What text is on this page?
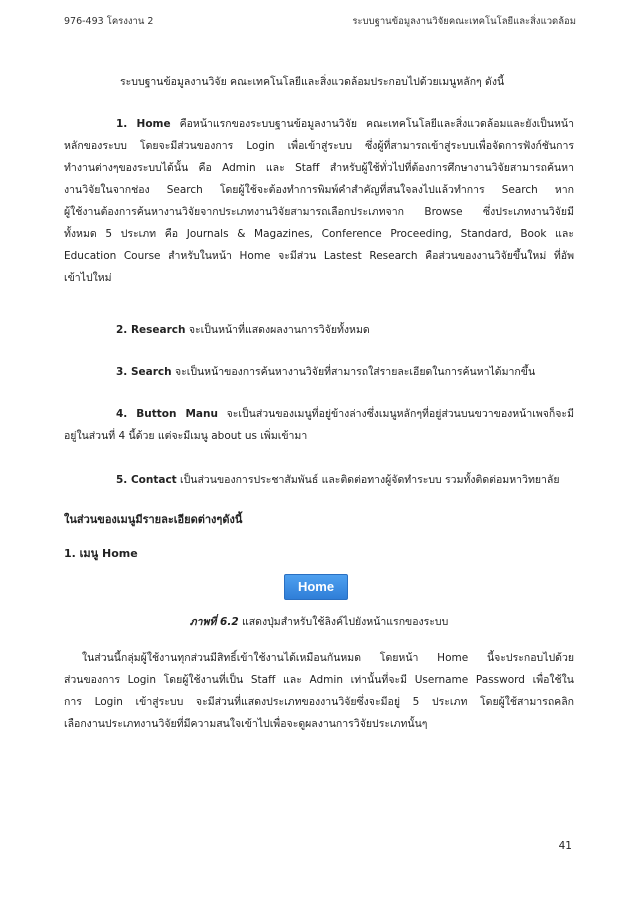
976-493 โครงงาน 2	ระบบฐานข้อมูลงานวิจัยคณะเทคโนโลยีและสิ่งแวดล้อม
ระบบฐานข้อมูลงานวิจัย คณะเทคโนโลยีและสิ่งแวดล้อมประกอบไปด้วยเมนูหลักๆ ดังนี้
1. Home คือหน้าแรกของระบบฐานข้อมูลงานวิจัย คณะเทคโนโลยีและสิ่งแวดล้อมและยังเป็นหน้า
หลักของระบบ โดยจะมีส่วนของการ Login เพื่อเข้าสู่ระบบ ซึ่งผู้ที่สามารถเข้าสู่ระบบเพื่อจัดการฟังก์ชันการ
ทำงานต่างๆของระบบได้นั้น คือ Admin และ Staff สำหรับผู้ใช้ทั่วไปที่ต้องการศึกษางานวิจัยสามารถค้นหา
งานวิจัยในจากช่อง Search โดยผู้ใช้จะต้องทำการพิมพ์คำสำคัญที่สนใจลงไปแล้วทำการ Search หาก
ผู้ใช้งานต้องการค้นหางานวิจัยจากประเภทงานวิจัยสามารถเลือกประเภทจาก Browse ซึ่งประเภทงานวิจัยมี
ทั้งหมด 5 ประเภท คือ Journals & Magazines, Conference Proceeding, Standard, Book และ
Education Course สำหรับในหน้า Home จะมีส่วน Lastest Research คือส่วนของงานวิจัยขึ้นใหม่ ที่อัพ
เข้าไปใหม่
2. Research จะเป็นหน้าที่แสดงผลงานการวิจัยทั้งหมด
3. Search จะเป็นหน้าของการค้นหางานวิจัยที่สามารถใส่รายละเอียดในการค้นหาได้มากขึ้น
4. Button Manu จะเป็นส่วนของเมนูที่อยู่ข้างล่างซึ่งเมนูหลักๆที่อยู่ส่วนบนขวาของหน้าเพจก็จะมี
อยู่ในส่วนที่ 4 นี้ด้วย แต่จะมีเมนู about us เพิ่มเข้ามา
5. Contact เป็นส่วนของการประชาสัมพันธ์ และติดต่อทางผู้จัดทำระบบ รวมทั้งติดต่อมหาวิทยาลัย
ในส่วนของเมนูมีรายละเอียดต่างๆดังนี้
1. เมนู Home
Home
ภาพที่ 6.2 แสดงปุ่มสำหรับใช้ลิงค์ไปยังหน้าแรกของระบบ
ในส่วนนี้กลุ่มผู้ใช้งานทุกส่วนมีสิทธิ์เข้าใช้งานได้เหมือนกันหมด โดยหน้า Home นี้จะประกอบไปด้วย
ส่วนของการ Login โดยผู้ใช้งานที่เป็น Staff และ Admin เท่านั้นที่จะมี Username Password เพื่อใช้ใน
การ Login เข้าสู่ระบบ จะมีส่วนที่แสดงประเภทของงานวิจัยซึ่งจะมีอยู่ 5 ประเภท โดยผู้ใช้สามารถคลิก
เลือกงานประเภทงานวิจัยที่มีความสนใจเข้าไปเพื่อจะดูผลงานการวิจัยประเภทนั้นๆ
41
